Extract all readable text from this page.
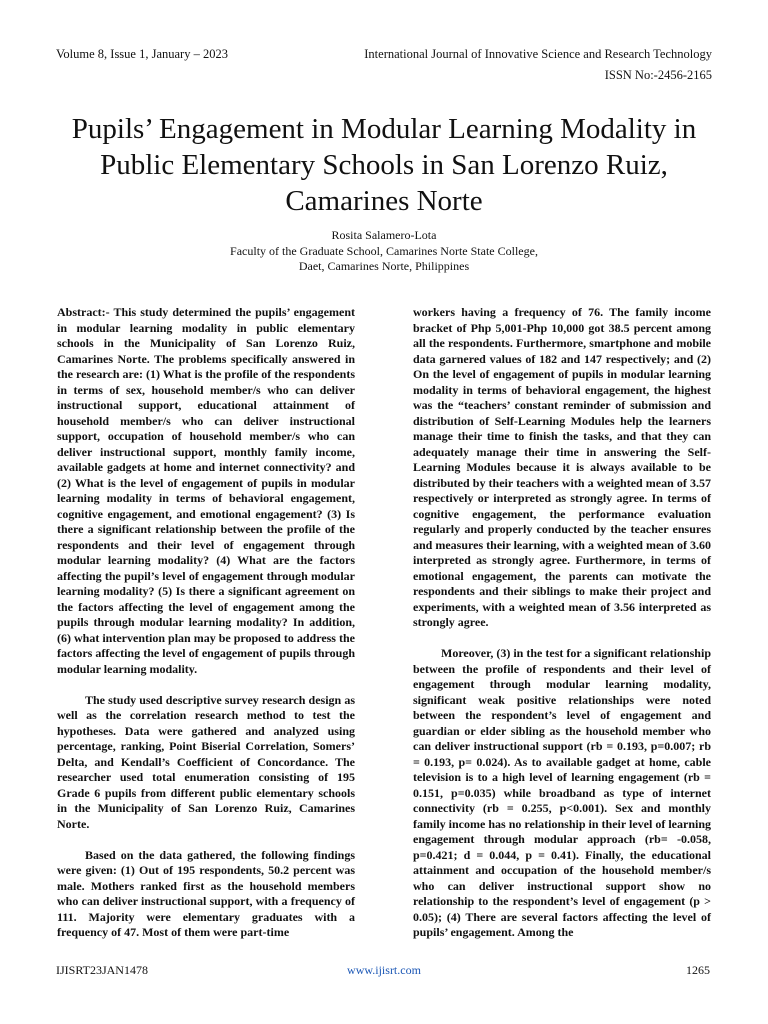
Volume 8, Issue 1, January – 2023	International Journal of Innovative Science and Research Technology
ISSN No:-2456-2165
Pupils’ Engagement in Modular Learning Modality in Public Elementary Schools in San Lorenzo Ruiz, Camarines Norte
Rosita Salamero-Lota
Faculty of the Graduate School, Camarines Norte State College,
Daet, Camarines Norte, Philippines

Abstract:- This study determined the pupils’ engagement in modular learning modality in public elementary schools in the Municipality of San Lorenzo Ruiz, Camarines Norte. The problems specifically answered in the research are: (1) What is the profile of the respondents in terms of sex, household member/s who can deliver instructional support, educational attainment of household member/s who can deliver instructional support, occupation of household member/s who can deliver instructional support, monthly family income, available gadgets at home and internet connectivity? and (2) What is the level of engagement of pupils in modular learning modality in terms of behavioral engagement, cognitive engagement, and emotional engagement? (3) Is there a significant relationship between the profile of the respondents and their level of engagement through modular learning modality? (4) What are the factors affecting the pupil’s level of engagement through modular learning modality? (5) Is there a significant agreement on the factors affecting the level of engagement among the pupils through modular learning modality? In addition, (6) what intervention plan may be proposed to address the factors affecting the level of engagement of pupils through modular learning modality.

The study used descriptive survey research design as well as the correlation research method to test the hypotheses. Data were gathered and analyzed using percentage, ranking, Point Biserial Correlation, Somers’ Delta, and Kendall’s Coefficient of Concordance. The researcher used total enumeration consisting of 195 Grade 6 pupils from different public elementary schools in the Municipality of San Lorenzo Ruiz, Camarines Norte.

Based on the data gathered, the following findings were given: (1) Out of 195 respondents, 50.2 percent was male. Mothers ranked first as the household members who can deliver instructional support, with a frequency of 111. Majority were elementary graduates with a frequency of 47. Most of them were part-time

workers having a frequency of 76. The family income bracket of Php 5,001-Php 10,000 got 38.5 percent among all the respondents. Furthermore, smartphone and mobile data garnered values of 182 and 147 respectively; and (2) On the level of engagement of pupils in modular learning modality in terms of behavioral engagement, the highest was the “teachers’ constant reminder of submission and distribution of Self-Learning Modules help the learners manage their time to finish the tasks, and that they can adequately manage their time in answering the Self-Learning Modules because it is always available to be distributed by their teachers with a weighted mean of 3.57 respectively or interpreted as strongly agree. In terms of cognitive engagement, the performance evaluation regularly and properly conducted by the teacher ensures and measures their learning, with a weighted mean of 3.60 interpreted as strongly agree. Furthermore, in terms of emotional engagement, the parents can motivate the respondents and their siblings to make their project and experiments, with a weighted mean of 3.56 interpreted as strongly agree.

Moreover, (3) in the test for a significant relationship between the profile of respondents and their level of engagement through modular learning modality, significant weak positive relationships were noted between the respondent’s level of engagement and guardian or elder sibling as the household member who can deliver instructional support (rb = 0.193, p=0.007; rb = 0.193, p= 0.024). As to available gadget at home, cable television is to a high level of learning engagement (rb = 0.151, p=0.035) while broadband as type of internet connectivity (rb = 0.255, p<0.001). Sex and monthly family income has no relationship in their level of learning engagement through modular approach (rb= -0.058, p=0.421; d = 0.044, p = 0.41). Finally, the educational attainment and occupation of the household member/s who can deliver instructional support show no relationship to the respondent’s level of engagement (p > 0.05); (4) There are several factors affecting the level of pupils’ engagement. Among the

IJISRT23JAN1478	www.ijisrt.com	1265
